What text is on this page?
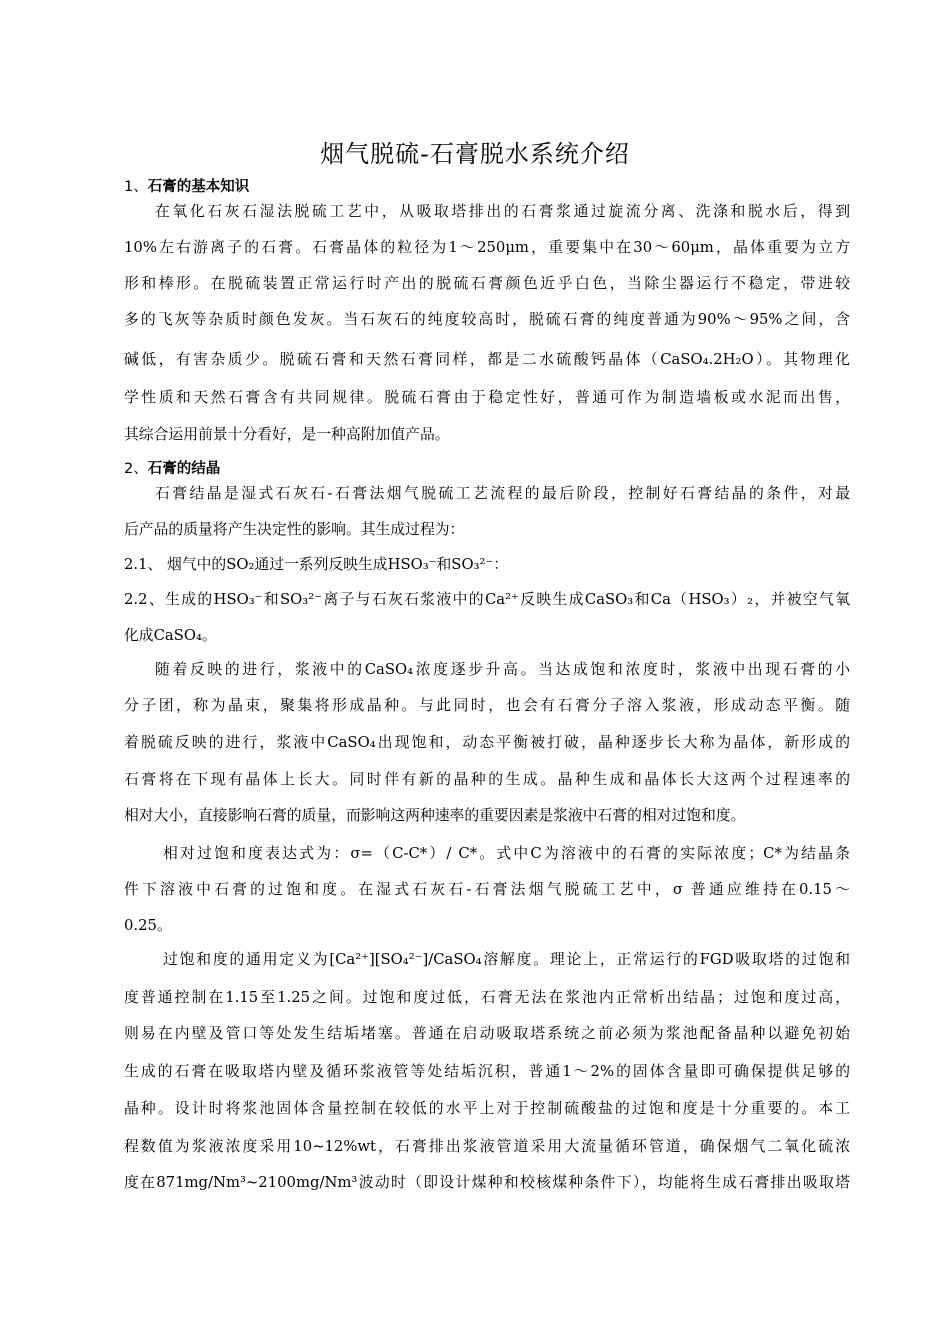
烟气脱硫-石膏脱水系统介绍
1、石膏的基本知识
在氧化石灰石湿法脱硫工艺中，从吸取塔排出的石膏浆通过旋流分离、洗涤和脱水后，得到
10%左右游离子的石膏。石膏晶体的粒径为1～250μm，重要集中在30～60μm，晶体重要为立方
形和棒形。在脱硫装置正常运行时产出的脱硫石膏颜色近乎白色，当除尘器运行不稳定，带进较
多的飞灰等杂质时颜色发灰。当石灰石的纯度较高时，脱硫石膏的纯度普通为90%～95%之间，含
碱低，有害杂质少。脱硫石膏和天然石膏同样，都是二水硫酸钙晶体（CaSO₄.2H₂O）。其物理化
学性质和天然石膏含有共同规律。脱硫石膏由于稳定性好，普通可作为制造墙板或水泥而出售，
其综合运用前景十分看好，是一种高附加值产品。
2、石膏的结晶
石膏结晶是湿式石灰石-石膏法烟气脱硫工艺流程的最后阶段，控制好石膏结晶的条件，对最
后产品的质量将产生决定性的影响。其生成过程为：
2.1、 烟气中的SO₂通过一系列反映生成HSO₃⁻和SO₃²⁻：
2.2、生成的HSO₃⁻和SO₃²⁻离子与石灰石浆液中的Ca²⁺反映生成CaSO₃和Ca（HSO₃）₂，并被空气氧
化成CaSO₄。
随着反映的进行，浆液中的CaSO₄浓度逐步升高。当达成饱和浓度时，浆液中出现石膏的小
分子团，称为晶束，聚集将形成晶种。与此同时，也会有石膏分子溶入浆液，形成动态平衡。随
着脱硫反映的进行，浆液中CaSO₄出现饱和，动态平衡被打破，晶种逐步长大称为晶体，新形成的
石膏将在下现有晶体上长大。同时伴有新的晶种的生成。晶种生成和晶体长大这两个过程速率的
相对大小，直接影响石膏的质量，而影响这两种速率的重要因素是浆液中石膏的相对过饱和度。
相对过饱和度表达式为：σ=（C-C*）/ C*。式中C为溶液中的石膏的实际浓度；C*为结晶条
件下溶液中石膏的过饱和度。在湿式石灰石-石膏法烟气脱硫工艺中，σ 普通应维持在0.15～
0.25。
过饱和度的通用定义为[Ca²⁺][SO₄²⁻]/CaSO₄溶解度。理论上，正常运行的FGD吸取塔的过饱和
度普通控制在1.15至1.25之间。过饱和度过低，石膏无法在浆池内正常析出结晶；过饱和度过高，
则易在内壁及管口等处发生结垢堵塞。普通在启动吸取塔系统之前必须为浆池配备晶种以避免初始
生成的石膏在吸取塔内壁及循环浆液管等处结垢沉积，普通1～2%的固体含量即可确保提供足够的
晶种。设计时将浆池固体含量控制在较低的水平上对于控制硫酸盐的过饱和度是十分重要的。本工
程数值为浆液浓度采用10~12%wt，石膏排出浆液管道采用大流量循环管道，确保烟气二氧化硫浓
度在871mg/Nm³~2100mg/Nm³波动时（即设计煤种和校核煤种条件下），均能将生成石膏排出吸取塔
